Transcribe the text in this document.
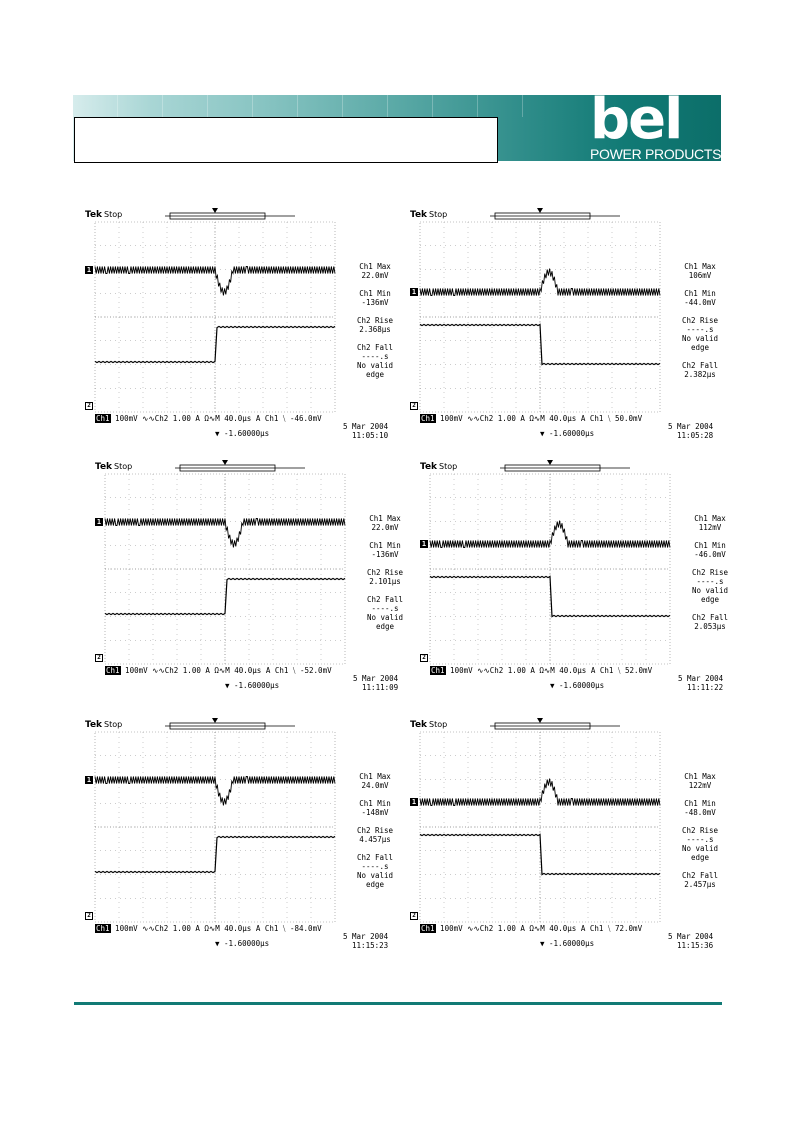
bel
POWER PRODUCTS
Tek Stop
1
2
Ch1 Max
22.0mV
Ch1 Min
-136mV
Ch2 Rise
2.368µs
Ch2 Fall
----.s
No valid
edge
Ch1 100mV ∿∿Ch2 1.00 A Ω∿M 40.0µs A Ch1 ⧹ -46.0mV
▼ -1.60000µs
5 Mar 2004
11:05:10
Tek Stop
1
2
Ch1 Max
106mV
Ch1 Min
-44.0mV
Ch2 Rise
----.s
No valid
edge
Ch2 Fall
2.382µs
Ch1 100mV ∿∿Ch2 1.00 A Ω∿M 40.0µs A Ch1 ⧹ 50.0mV
▼ -1.60000µs
5 Mar 2004
11:05:28
Tek Stop
1
2
Ch1 Max
22.0mV
Ch1 Min
-136mV
Ch2 Rise
2.101µs
Ch2 Fall
----.s
No valid
edge
Ch1 100mV ∿∿Ch2 1.00 A Ω∿M 40.0µs A Ch1 ⧹ -52.0mV
▼ -1.60000µs
5 Mar 2004
11:11:09
Tek Stop
1
2
Ch1 Max
112mV
Ch1 Min
-46.0mV
Ch2 Rise
----.s
No valid
edge
Ch2 Fall
2.053µs
Ch1 100mV ∿∿Ch2 1.00 A Ω∿M 40.0µs A Ch1 ⧹ 52.0mV
▼ -1.60000µs
5 Mar 2004
11:11:22
Tek Stop
1
2
Ch1 Max
24.0mV
Ch1 Min
-148mV
Ch2 Rise
4.457µs
Ch2 Fall
----.s
No valid
edge
Ch1 100mV ∿∿Ch2 1.00 A Ω∿M 40.0µs A Ch1 ⧹ -84.0mV
▼ -1.60000µs
5 Mar 2004
11:15:23
Tek Stop
1
2
Ch1 Max
122mV
Ch1 Min
-48.0mV
Ch2 Rise
----.s
No valid
edge
Ch2 Fall
2.457µs
Ch1 100mV ∿∿Ch2 1.00 A Ω∿M 40.0µs A Ch1 ⧹ 72.0mV
▼ -1.60000µs
5 Mar 2004
11:15:36
